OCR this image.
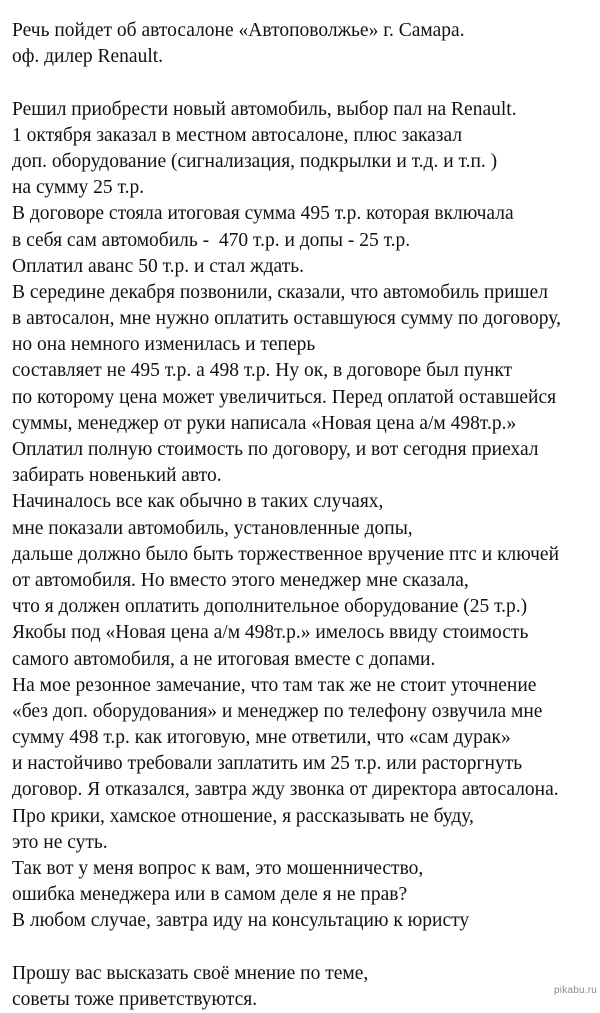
Речь пойдет об автосалоне «Автоповолжье» г. Самара.
оф. дилер Renault.
Решил приобрести новый автомобиль, выбор пал на Renault.
1 октября заказал в местном автосалоне, плюс заказал
доп. оборудование (сигнализация, подкрылки и т.д. и т.п. )
на сумму 25 т.р.
В договоре стояла итоговая сумма 495 т.р. которая включала
в себя сам автомобиль -  470 т.р. и допы - 25 т.р.
Оплатил аванс 50 т.р. и стал ждать.
В середине декабря позвонили, сказали, что автомобиль пришел
в автосалон, мне нужно оплатить оставшуюся сумму по договору,
но она немного изменилась и теперь
составляет не 495 т.р. а 498 т.р. Ну ок, в договоре был пункт
по которому цена может увеличиться. Перед оплатой оставшейся
суммы, менеджер от руки написала «Новая цена а/м 498т.р.»
Оплатил полную стоимость по договору, и вот сегодня приехал
забирать новенький авто.
Начиналось все как обычно в таких случаях,
мне показали автомобиль, установленные допы,
дальше должно было быть торжественное вручение птс и ключей
от автомобиля. Но вместо этого менеджер мне сказала,
что я должен оплатить дополнительное оборудование (25 т.р.)
Якобы под «Новая цена а/м 498т.р.» имелось ввиду стоимость
самого автомобиля, а не итоговая вместе с допами.
На мое резонное замечание, что там так же не стоит уточнение
«без доп. оборудования» и менеджер по телефону озвучила мне
сумму 498 т.р. как итоговую, мне ответили, что «сам дурак»
и настойчиво требовали заплатить им 25 т.р. или расторгнуть
договор. Я отказался, завтра жду звонка от директора автосалона.
Про крики, хамское отношение, я рассказывать не буду,
это не суть.
Так вот у меня вопрос к вам, это мошенничество,
ошибка менеджера или в самом деле я не прав?
В любом случае, завтра иду на консультацию к юристу
Прошу вас высказать своё мнение по теме,
советы тоже приветствуются.	pikabu.ru
